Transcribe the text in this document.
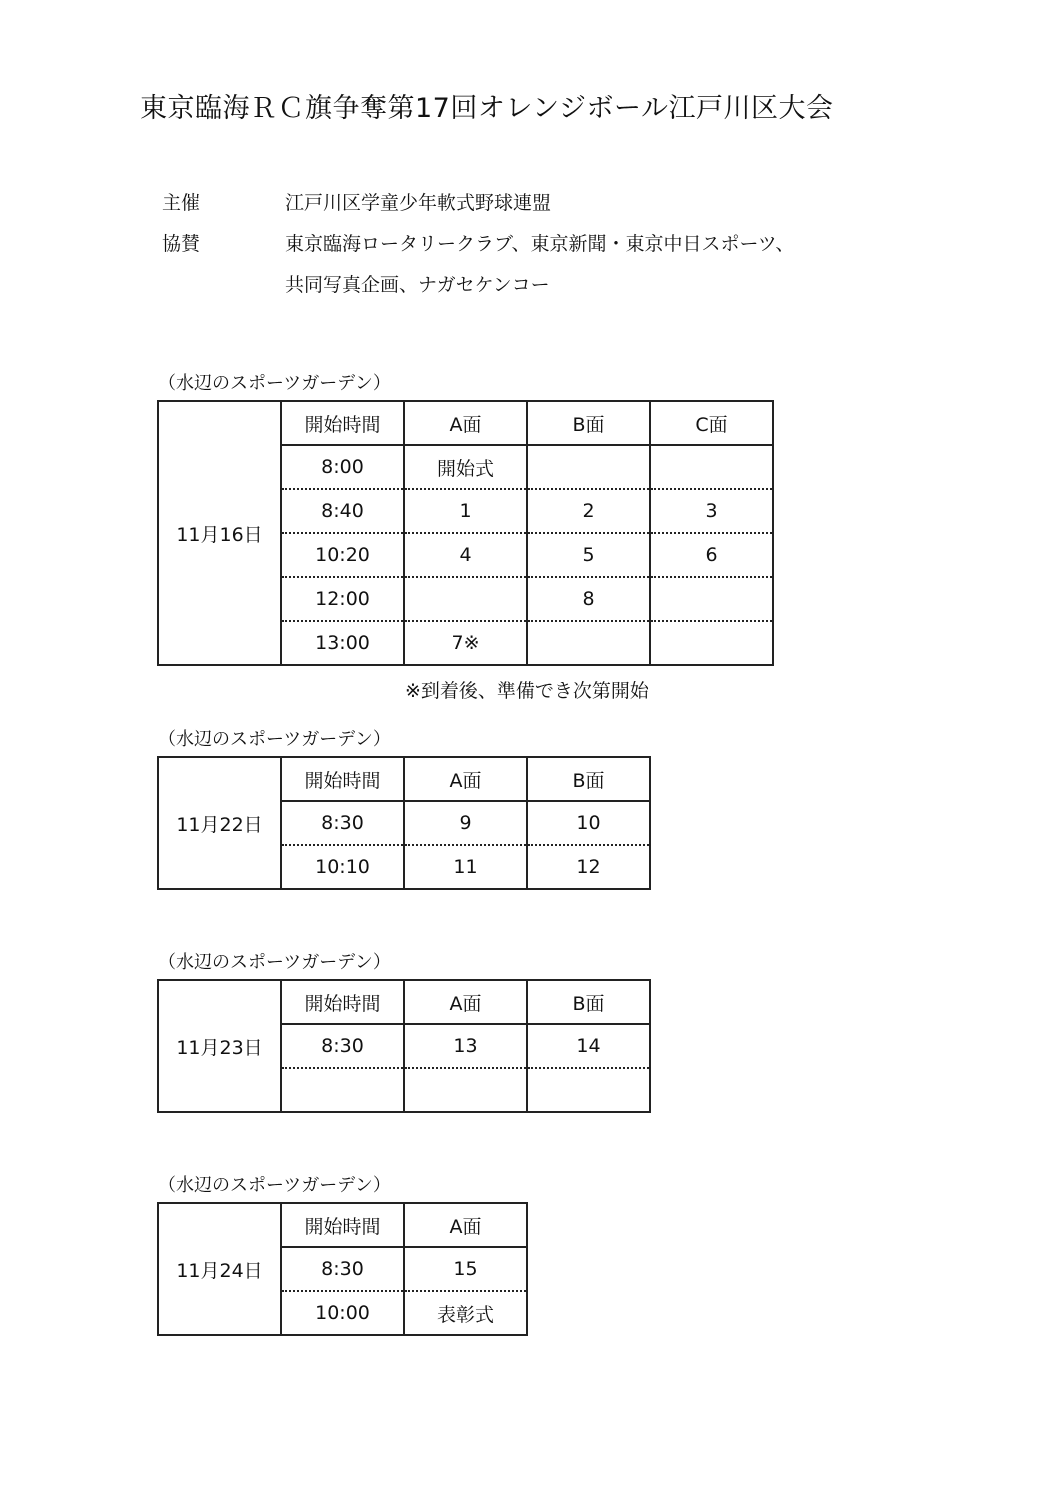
東京臨海ＲＣ旗争奪第17回オレンジボール江戸川区大会
主催	江戸川区学童少年軟式野球連盟
協賛	東京臨海ロータリークラブ、東京新聞・東京中日スポーツ、
共同写真企画、ナガセケンコー
（水辺のスポーツガーデン）
11月16日	開始時間	A面	B面	C面
	8:00	開始式		
	8:40	1	2	3
	10:20	4	5	6
	12:00		8	
	13:00	7※		
※到着後、準備でき次第開始
（水辺のスポーツガーデン）
11月22日	開始時間	A面	B面
	8:30	9	10
	10:10	11	12
（水辺のスポーツガーデン）
11月23日	開始時間	A面	B面
	8:30	13	14

（水辺のスポーツガーデン）
11月24日	開始時間	A面
	8:30	15
	10:00	表彰式
